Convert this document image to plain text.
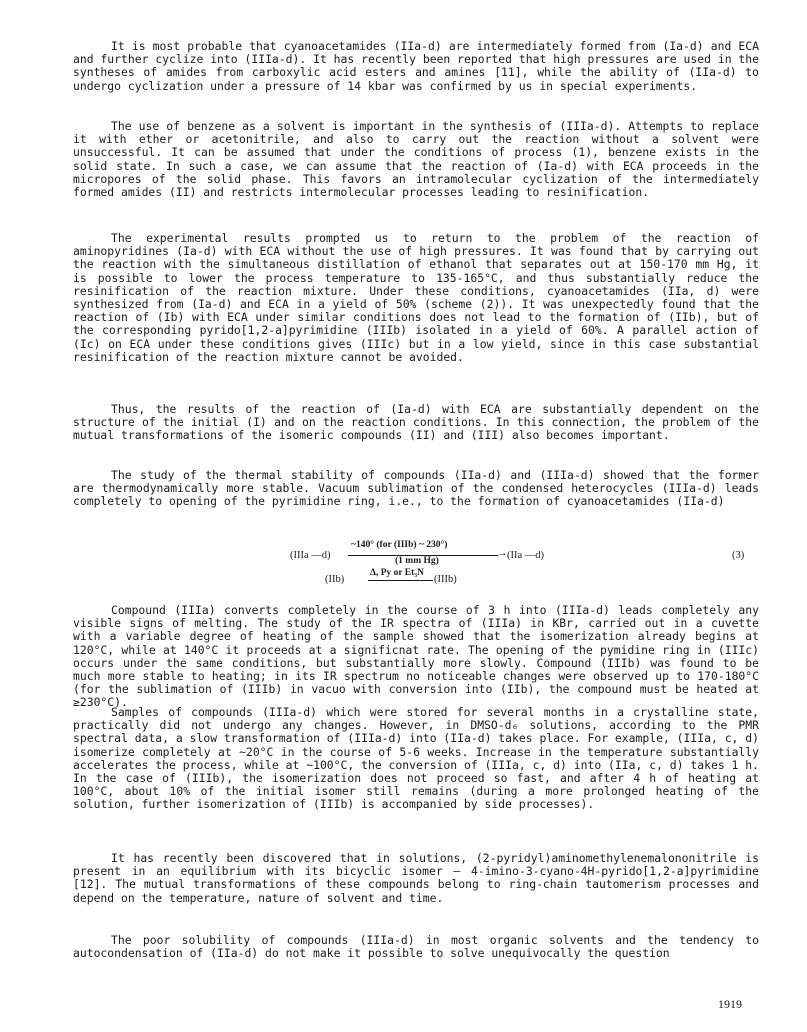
It is most probable that cyanoacetamides (IIa-d) are intermediately formed from (Ia-d) and ECA and further cyclize into (IIIa-d). It has recently been reported that high pressures are used in the syntheses of amides from carboxylic acid esters and amines [11], while the ability of (IIa-d) to undergo cyclization under a pressure of 14 kbar was confirmed by us in special experiments.

The use of benzene as a solvent is important in the synthesis of (IIIa-d). Attempts to replace it with ether or acetonitrile, and also to carry out the reaction without a solvent were unsuccessful. It can be assumed that under the conditions of process (1), benzene exists in the solid state. In such a case, we can assume that the reaction of (Ia-d) with ECA proceeds in the micropores of the solid phase. This favors an intramolecular cyclization of the intermediately formed amides (II) and restricts intermolecular processes leading to resinification.

The experimental results prompted us to return to the problem of the reaction of aminopyridines (Ia-d) with ECA without the use of high pressures. It was found that by carrying out the reaction with the simultaneous distillation of ethanol that separates out at 150-170 mm Hg, it is possible to lower the process temperature to 135-165°C, and thus substantially reduce the resinification of the reaction mixture. Under these conditions, cyanoacetamides (IIa, d) were synthesized from (Ia-d) and ECA in a yield of 50% (scheme (2)). It was unexpectedly found that the reaction of (Ib) with ECA under similar conditions does not lead to the formation of (IIb), but of the corresponding pyrido[1,2-a]pyrimidine (IIIb) isolated in a yield of 60%. A parallel action of (Ic) on ECA under these conditions gives (IIIc) but in a low yield, since in this case substantial resinification of the reaction mixture cannot be avoided.

Thus, the results of the reaction of (Ia-d) with ECA are substantially dependent on the structure of the initial (I) and on the reaction conditions. In this connection, the problem of the mutual transformations of the isomeric compounds (II) and (III) also becomes important.

The study of the thermal stability of compounds (IIa-d) and (IIIa-d) showed that the former are thermodynamically more stable. Vacuum sublimation of the condensed heterocycles (IIIa-d) leads completely to opening of the pyrimidine ring, i.e., to the formation of cyanoacetamides (IIa-d)

(IIIa —d)
~140° (for (IIIb) ~ 230°)
→
(1 mm Hg)	(IIa —d)	(3)
(IIb)
Δ, Py or Et₃N
(IIIb)

Compound (IIIa) converts completely in the course of 3 h into (IIIa-d) leads completely any visible signs of melting. The study of the IR spectra of (IIIa) in KBr, carried out in a cuvette with a variable degree of heating of the sample showed that the isomerization already begins at 120°C, while at 140°C it proceeds at a significnat rate. The opening of the pymidine ring in (IIIc) occurs under the same conditions, but substantially more slowly. Compound (IIIb) was found to be much more stable to heating; in its IR spectrum no noticeable changes were observed up to 170-180°C (for the sublimation of (IIIb) in vacuo with conversion into (IIb), the compound must be heated at ≥230°C).

Samples of compounds (IIIa-d) which were stored for several months in a crystalline state, practically did not undergo any changes. However, in DMSO-d₆ solutions, according to the PMR spectral data, a slow transformation of (IIIa-d) into (IIa-d) takes place. For example, (IIIa, c, d) isomerize completely at ~20°C in the course of 5-6 weeks. Increase in the temperature substantially accelerates the process, while at ~100°C, the conversion of (IIIa, c, d) into (IIa, c, d) takes 1 h. In the case of (IIIb), the isomerization does not proceed so fast, and after 4 h of heating at 100°C, about 10% of the initial isomer still remains (during a more prolonged heating of the solution, further isomerization of (IIIb) is accompanied by side processes).

It has recently been discovered that in solutions, (2-pyridyl)aminomethylenemalononitrile is present in an equilibrium with its bicyclic isomer — 4-imino-3-cyano-4H-pyrido[1,2-a]pyrimidine [12]. The mutual transformations of these compounds belong to ring-chain tautomerism processes and depend on the temperature, nature of solvent and time.

The poor solubility of compounds (IIIa-d) in most organic solvents and the tendency to autocondensation of (IIa-d) do not make it possible to solve unequivocally the question

1919
